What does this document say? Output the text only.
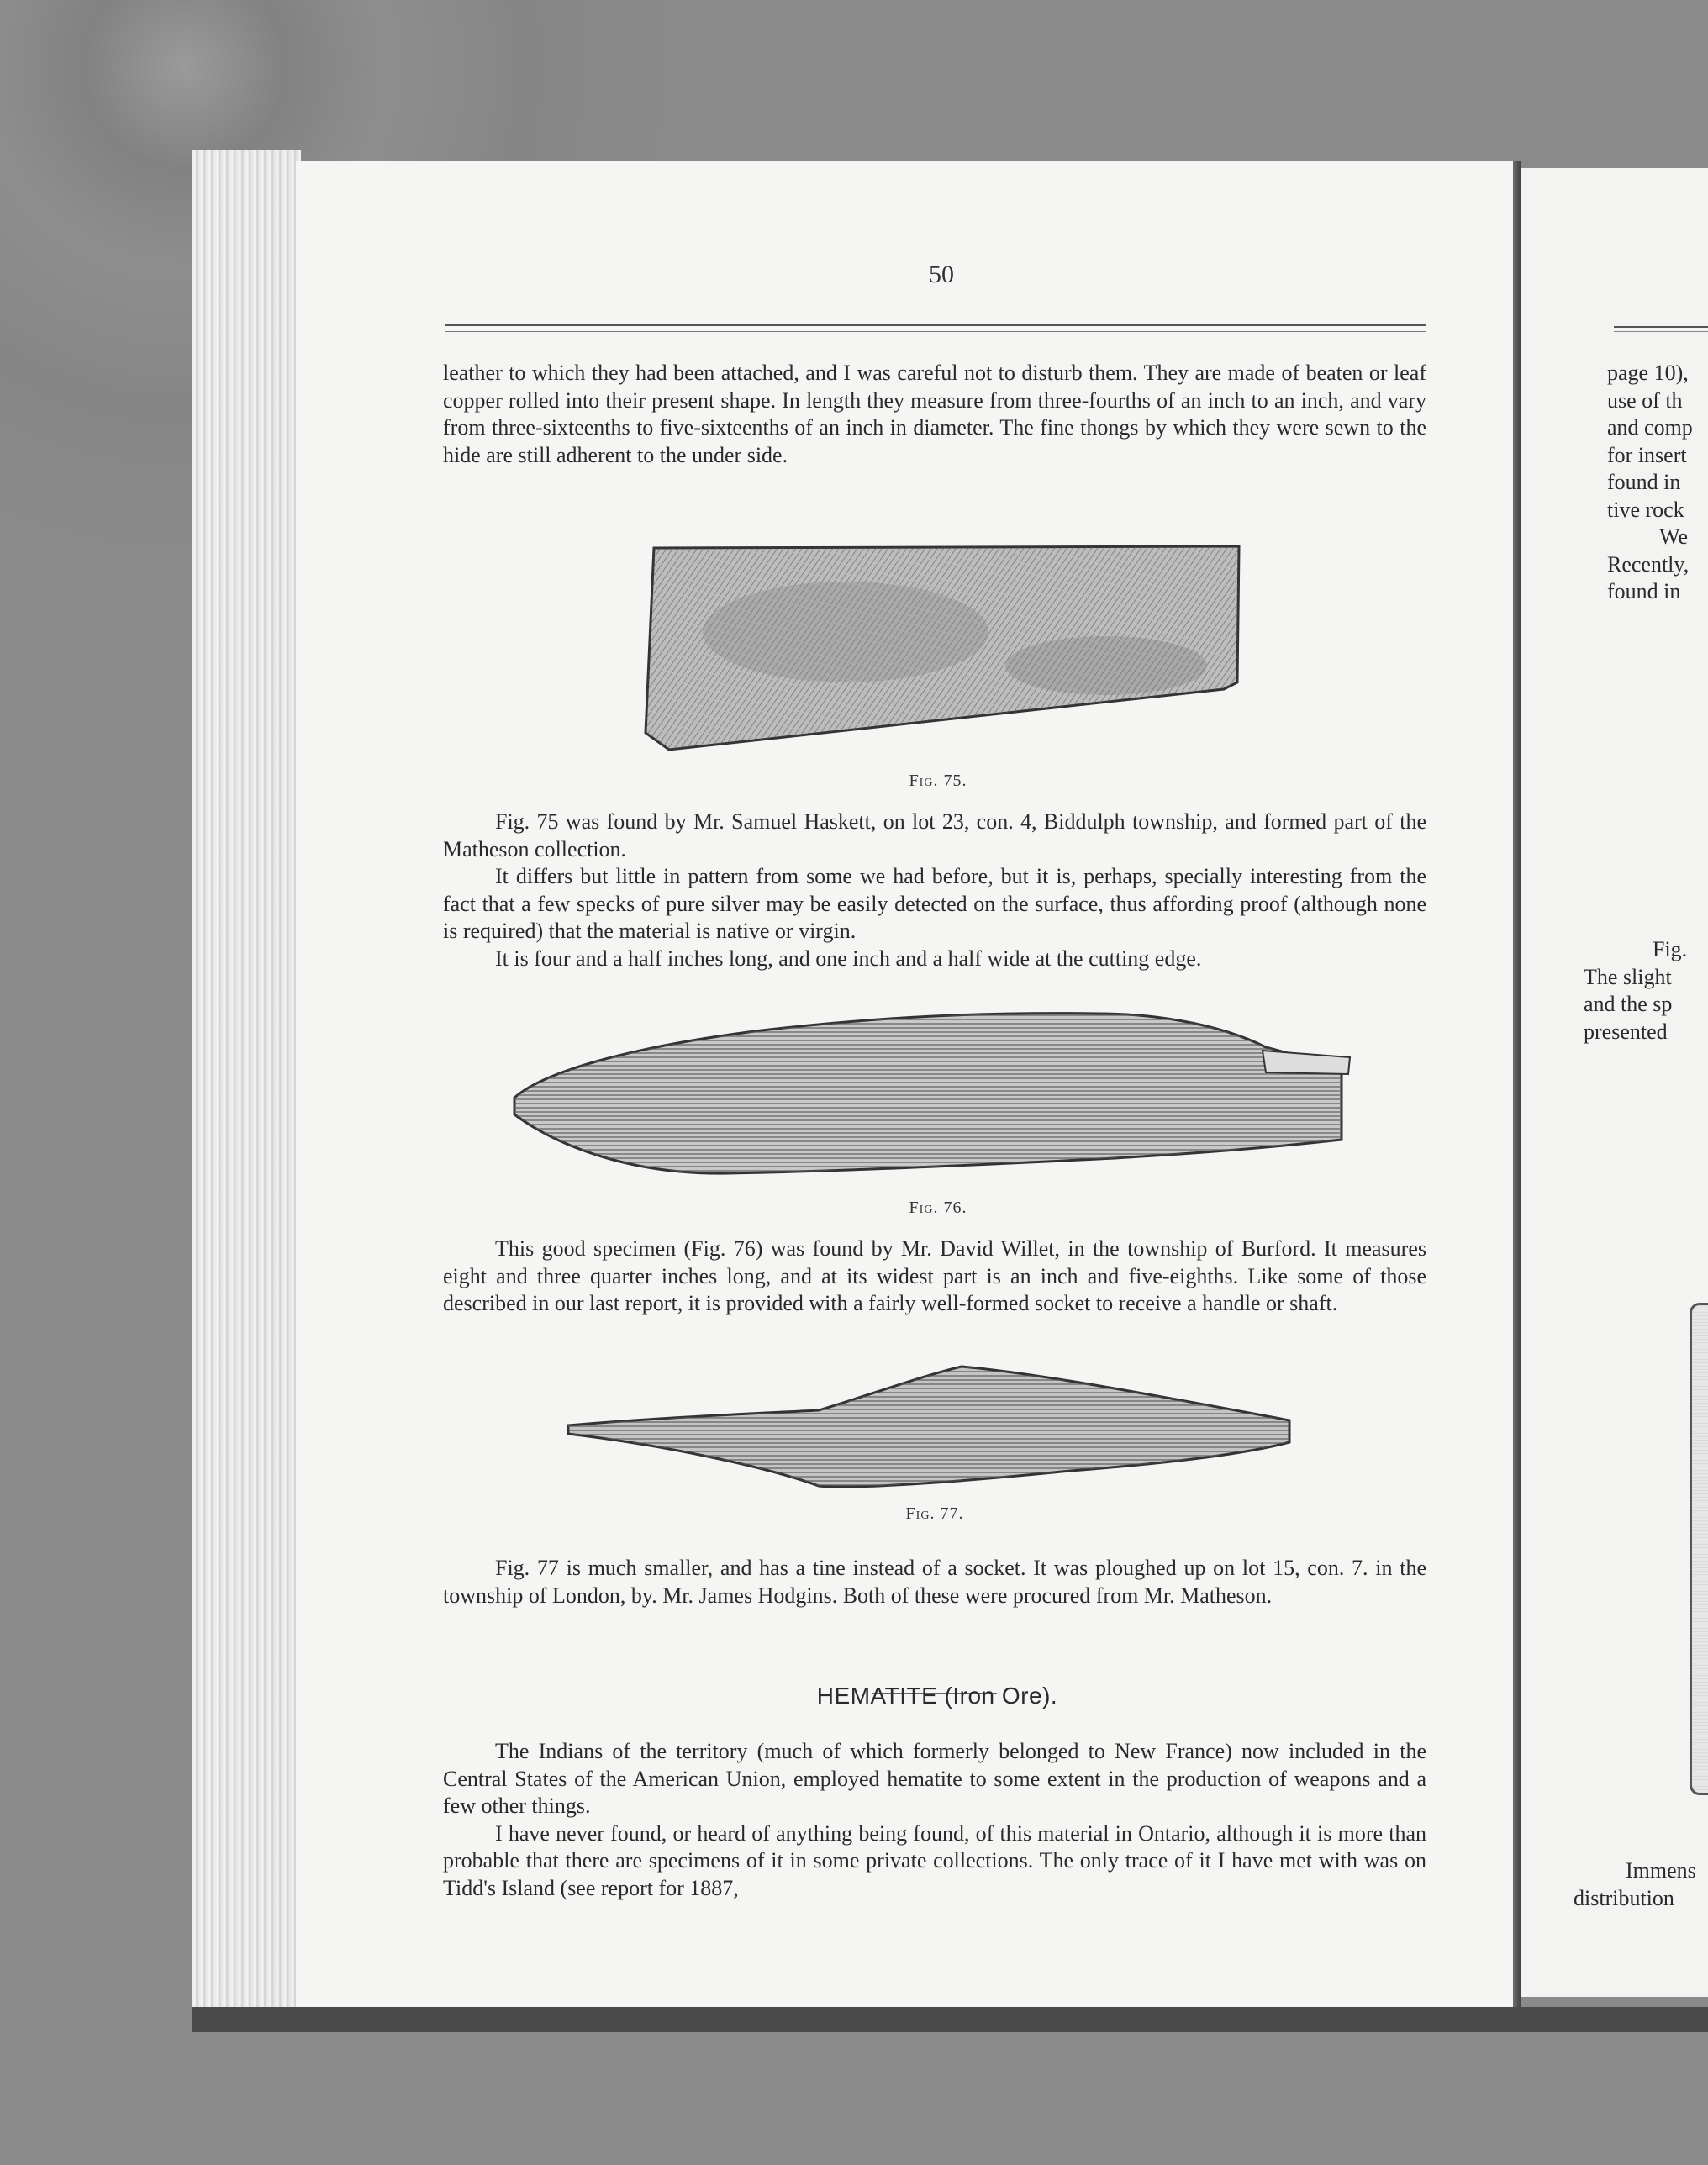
50

leather to which they had been attached, and I was careful not to disturb them. They are made of beaten or leaf copper rolled into their present shape. In length they measure from three-fourths of an inch to an inch, and vary from three-sixteenths to five-sixteenths of an inch in diameter. The fine thongs by which they were sewn to the hide are still adherent to the under side.

Fig. 75.

Fig. 75 was found by Mr. Samuel Haskett, on lot 23, con. 4, Biddulph township, and formed part of the Matheson collection.

It differs but little in pattern from some we had before, but it is, perhaps, specially interesting from the fact that a few specks of pure silver may be easily detected on the surface, thus affording proof (although none is required) that the material is native or virgin.

It is four and a half inches long, and one inch and a half wide at the cutting edge.

Fig. 76.

This good specimen (Fig. 76) was found by Mr. David Willet, in the township of Burford. It measures eight and three quarter inches long, and at its widest part is an inch and five-eighths. Like some of those described in our last report, it is provided with a fairly well-formed socket to receive a handle or shaft.

Fig. 77.

Fig. 77 is much smaller, and has a tine instead of a socket. It was ploughed up on lot 15, con. 7. in the township of London, by. Mr. James Hodgins. Both of these were procured from Mr. Matheson.

HEMATITE (Iron Ore).

The Indians of the territory (much of which formerly belonged to New France) now included in the Central States of the American Union, employed hematite to some extent in the production of weapons and a few other things.

I have never found, or heard of anything being found, of this material in Ontario, although it is more than probable that there are specimens of it in some private collections. The only trace of it I have met with was on Tidd's Island (see report for 1887,

page 10),
use of th
and comp
for insert
found in
tive rock
We
Recently,
found in
Fig.
The slight
and the sp
presented
Immens
distribution
